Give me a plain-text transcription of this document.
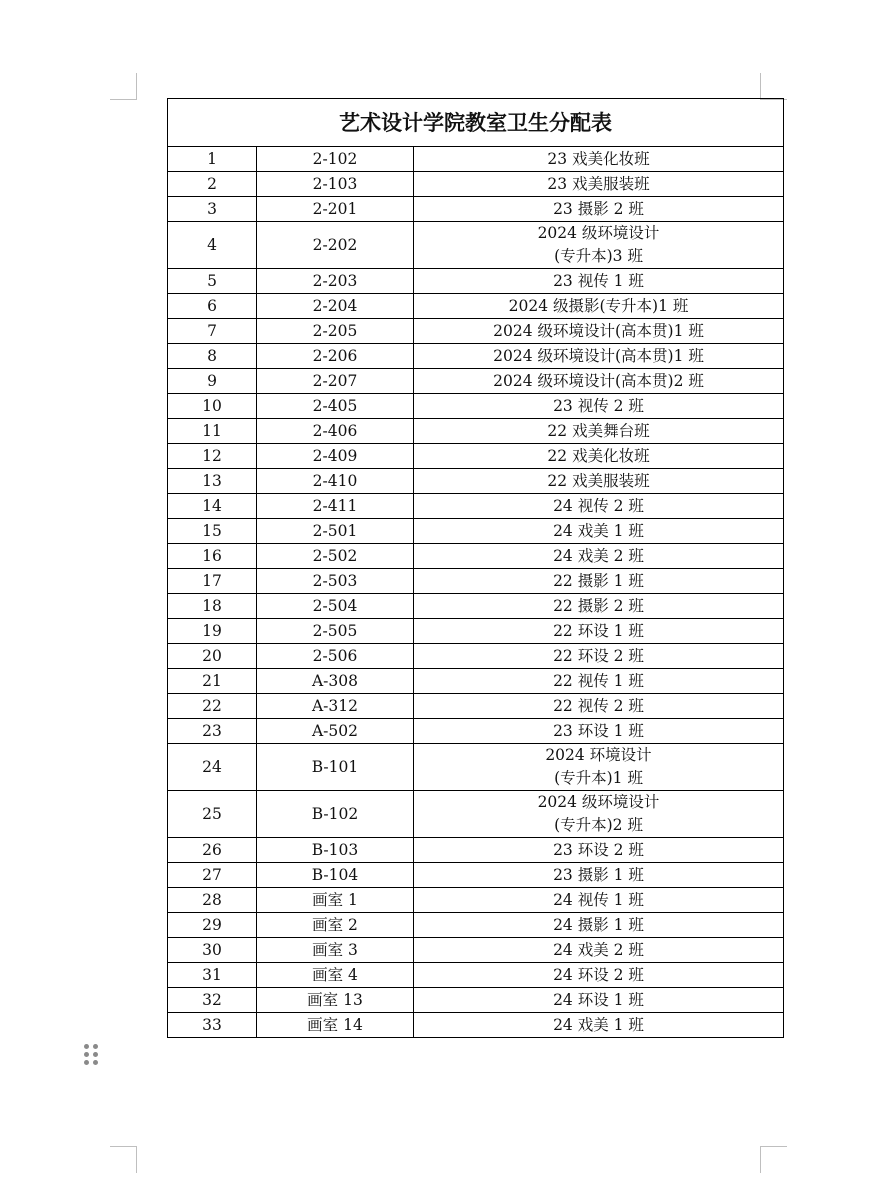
艺术设计学院教室卫生分配表		
1	2-102	23 戏美化妆班
2	2-103	23 戏美服装班
3	2-201	23 摄影 2 班
4	2-202	2024 级环境设计
(专升本)3 班
5	2-203	23 视传 1 班
6	2-204	2024 级摄影(专升本)1 班
7	2-205	2024 级环境设计(高本贯)1 班
8	2-206	2024 级环境设计(高本贯)1 班
9	2-207	2024 级环境设计(高本贯)2 班
10	2-405	23 视传 2 班
11	2-406	22 戏美舞台班
12	2-409	22 戏美化妆班
13	2-410	22 戏美服装班
14	2-411	24 视传 2 班
15	2-501	24 戏美 1 班
16	2-502	24 戏美 2 班
17	2-503	22 摄影 1 班
18	2-504	22 摄影 2 班
19	2-505	22 环设 1 班
20	2-506	22 环设 2 班
21	A-308	22 视传 1 班
22	A-312	22 视传 2 班
23	A-502	23 环设 1 班
24	B-101	2024 环境设计
(专升本)1 班
25	B-102	2024 级环境设计
(专升本)2 班
26	B-103	23 环设 2 班
27	B-104	23 摄影 1 班
28	画室 1	24 视传 1 班
29	画室 2	24 摄影 1 班
30	画室 3	24 戏美 2 班
31	画室 4	24 环设 2 班
32	画室 13	24 环设 1 班
33	画室 14	24 戏美 1 班
